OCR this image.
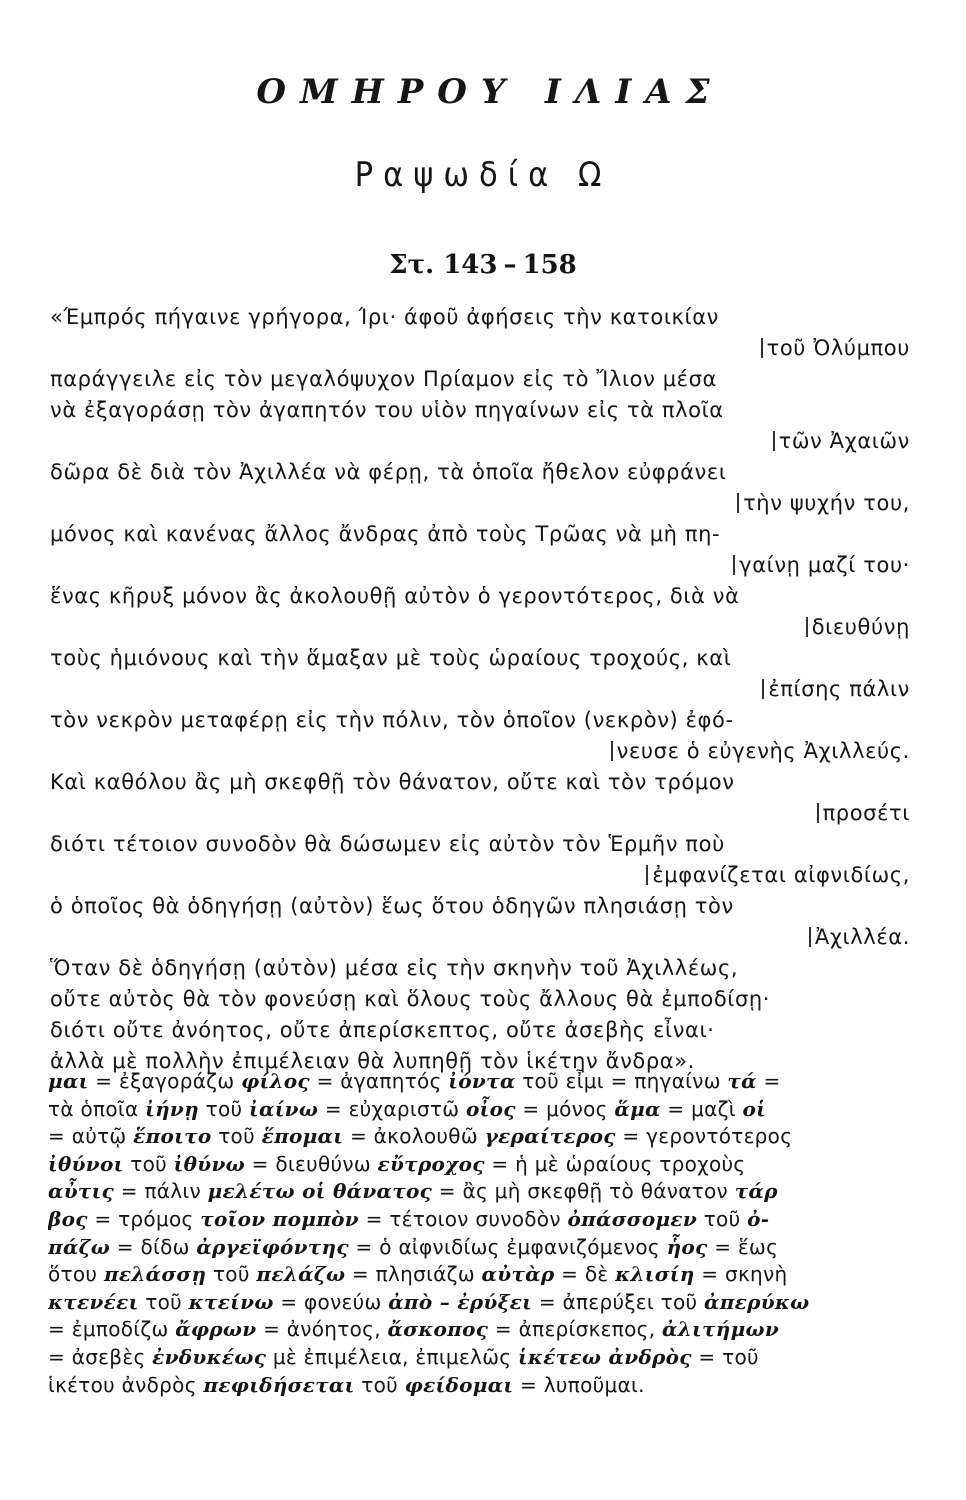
ΟΜΗΡΟΥ ΙΛΙΑΣ
Ραψωδία Ω
Στ. 143 – 158
«Έμπρός πήγαινε γρήγορα, Ίρι· άφοῦ ἀφήσεις τὴν κατοικίαν
τοῦ Ὀλύμπου
παράγγειλε εἰς τὸν μεγαλόψυχον Πρίαμον εἰς τὸ Ἴλιον μέσα
νὰ ἐξαγοράσῃ τὸν ἀγαπητόν του υἱὸν πηγαίνων εἰς τὰ πλοῖα
τῶν Ἀχαιῶν
δῶρα δὲ διὰ τὸν Ἀχιλλέα νὰ φέρῃ, τὰ ὁποῖα ἤθελον εὐφράνει
τὴν ψυχήν του,
μόνος καὶ κανένας ἄλλος ἄνδρας ἀπὸ τοὺς Τρῶας νὰ μὴ πη-
γαίνῃ μαζί του·
ἕνας κῆρυξ μόνον ἂς ἀκολουθῇ αὐτὸν ὁ γεροντότερος, διὰ νὰ
διευθύνῃ
τοὺς ἡμιόνους καὶ τὴν ἅμαξαν μὲ τοὺς ὡραίους τροχούς, καὶ
ἐπίσης πάλιν
τὸν νεκρὸν μεταφέρῃ εἰς τὴν πόλιν, τὸν ὁποῖον (νεκρὸν) ἐφό-
νευσε ὁ εὐγενὴς Ἀχιλλεύς.
Καὶ καθόλου ἂς μὴ σκεφθῇ τὸν θάνατον, οὔτε καὶ τὸν τρόμον
προσέτι
διότι τέτοιον συνοδὸν θὰ δώσωμεν εἰς αὐτὸν τὸν Ἑρμῆν ποὺ
ἐμφανίζεται αἰφνιδίως,
ὁ ὁποῖος θὰ ὁδηγήσῃ (αὐτὸν) ἕως ὅτου ὁδηγῶν πλησιάσῃ τὸν
Ἀχιλλέα.
Ὅταν δὲ ὁδηγήσῃ (αὐτὸν) μέσα εἰς τὴν σκηνὴν τοῦ Ἀχιλλέως,
οὔτε αὐτὸς θὰ τὸν φονεύσῃ καὶ ὅλους τοὺς ἄλλους θὰ ἐμποδίσῃ·
διότι οὔτε ἀνόητος, οὔτε ἀπερίσκεπτος, οὔτε ἀσεβὴς εἶναι·
ἀλλὰ μὲ πολλὴν ἐπιμέλειαν θὰ λυπηθῇ τὸν ἱκέτην ἄνδρα».
μαι = ἐξαγοράζω φίλος = ἀγαπητός ἰόντα τοῦ εἶμι = πηγαίνω τά =
τὰ ὁποῖα ἰήνῃ τοῦ ἰαίνω = εὐχαριστῶ οἶος = μόνος ἅμα = μαζὶ οἱ
= αὐτῷ ἕποιτο τοῦ ἕπομαι = ἀκολουθῶ γεραίτερος = γεροντότερος
ἰθύνοι τοῦ ἰθύνω = διευθύνω εὔτροχος = ἡ μὲ ὡραίους τροχοὺς
αὖτις = πάλιν μελέτω οἱ θάνατος = ἂς μὴ σκεφθῇ τὸ θάνατον τάρ
βος = τρόμος τοῖον πομπὸν = τέτοιον συνοδὸν ὀπάσσομεν τοῦ ὀ-
πάζω = δίδω ἀργεϊφόντης = ὁ αἰφνιδίως ἐμφανιζόμενος ἧος = ἕως
ὅτου πελάσσῃ τοῦ πελάζω = πλησιάζω αὐτὰρ = δὲ κλισίη = σκηνὴ
κτενέει τοῦ κτείνω = φονεύω ἀπὸ – ἐρύξει = ἀπερύξει τοῦ ἀπερύκω
= ἐμποδίζω ἄφρων = ἀνόητος, ἄσκοπος = ἀπερίσκεπος, ἀλιτήμων
= ἀσεβὲς ἐνδυκέως μὲ ἐπιμέλεια, ἐπιμελῶς ἱκέτεω ἀνδρὸς = τοῦ
ἱκέτου ἀνδρὸς πεφιδήσεται τοῦ φείδομαι = λυποῦμαι.
